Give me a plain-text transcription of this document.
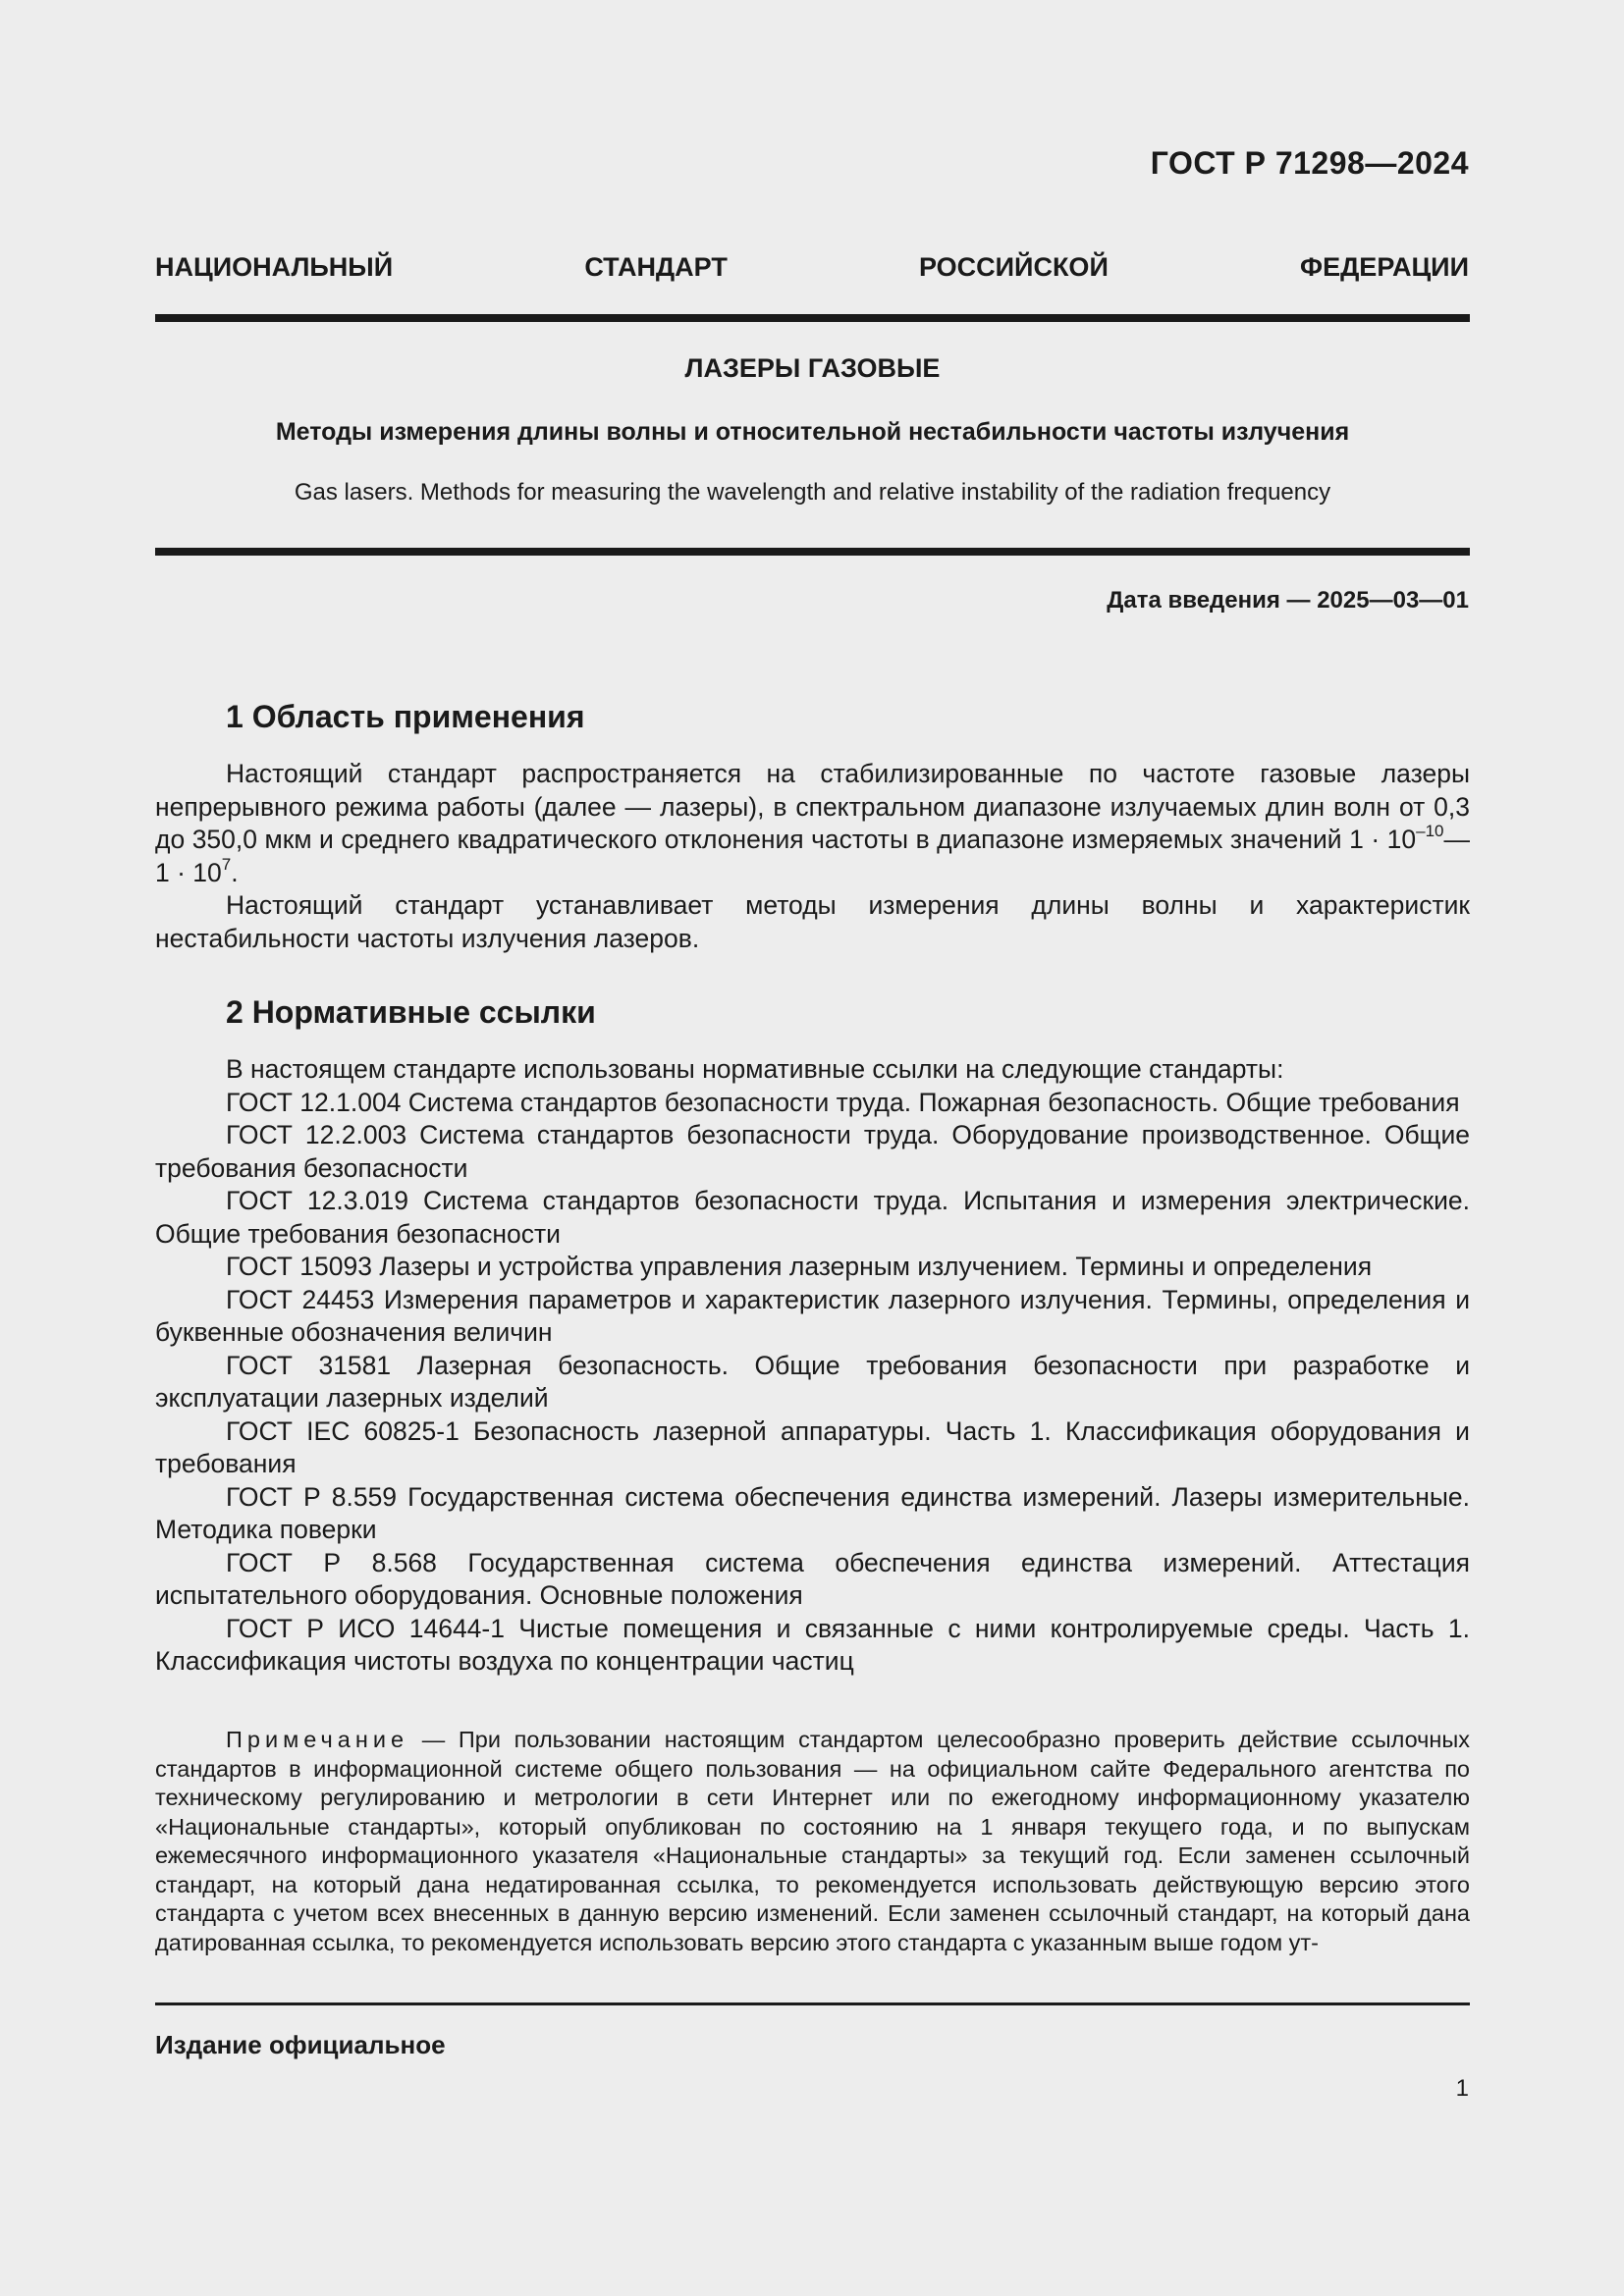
ГОСТ Р 71298—2024
НАЦИОНАЛЬНЫЙ СТАНДАРТ РОССИЙСКОЙ ФЕДЕРАЦИИ
ЛАЗЕРЫ ГАЗОВЫЕ
Методы измерения длины волны и относительной нестабильности частоты излучения
Gas lasers. Methods for measuring the wavelength and relative instability of the radiation frequency
Дата введения — 2025—03—01
1 Область применения

Настоящий стандарт распространяется на стабилизированные по частоте газовые лазеры непрерывного режима работы (далее — лазеры), в спектральном диапазоне излучаемых длин волн от 0,3 до 350,0 мкм и среднего квадратического отклонения частоты в диапазоне измеряемых значений $1 \cdot 10^{-10}—1 \cdot 10^7$.

Настоящий стандарт устанавливает методы измерения длины волны и характеристик нестабильности частоты излучения лазеров.

2 Нормативные ссылки

В настоящем стандарте использованы нормативные ссылки на следующие стандарты:

ГОСТ 12.1.004 Система стандартов безопасности труда. Пожарная безопасность. Общие требования

ГОСТ 12.2.003 Система стандартов безопасности труда. Оборудование производственное. Общие требования безопасности

ГОСТ 12.3.019 Система стандартов безопасности труда. Испытания и измерения электрические. Общие требования безопасности

ГОСТ 15093 Лазеры и устройства управления лазерным излучением. Термины и определения

ГОСТ 24453 Измерения параметров и характеристик лазерного излучения. Термины, определения и буквенные обозначения величин

ГОСТ 31581 Лазерная безопасность. Общие требования безопасности при разработке и эксплуатации лазерных изделий

ГОСТ IEC 60825-1 Безопасность лазерной аппаратуры. Часть 1. Классификация оборудования и требования

ГОСТ Р 8.559 Государственная система обеспечения единства измерений. Лазеры измерительные. Методика поверки

ГОСТ Р 8.568 Государственная система обеспечения единства измерений. Аттестация испытательного оборудования. Основные положения

ГОСТ Р ИСО 14644-1 Чистые помещения и связанные с ними контролируемые среды. Часть 1. Классификация чистоты воздуха по концентрации частиц

Примечание — При пользовании настоящим стандартом целесообразно проверить действие ссылочных стандартов в информационной системе общего пользования — на официальном сайте Федерального агентства по техническому регулированию и метрологии в сети Интернет или по ежегодному информационному указателю «Национальные стандарты», который опубликован по состоянию на 1 января текущего года, и по выпускам ежемесячного информационного указателя «Национальные стандарты» за текущий год. Если заменен ссылочный стандарт, на который дана недатированная ссылка, то рекомендуется использовать действующую версию этого стандарта с учетом всех внесенных в данную версию изменений. Если заменен ссылочный стандарт, на который дана датированная ссылка, то рекомендуется использовать версию этого стандарта с указанным выше годом ут-

Издание официальное
1
